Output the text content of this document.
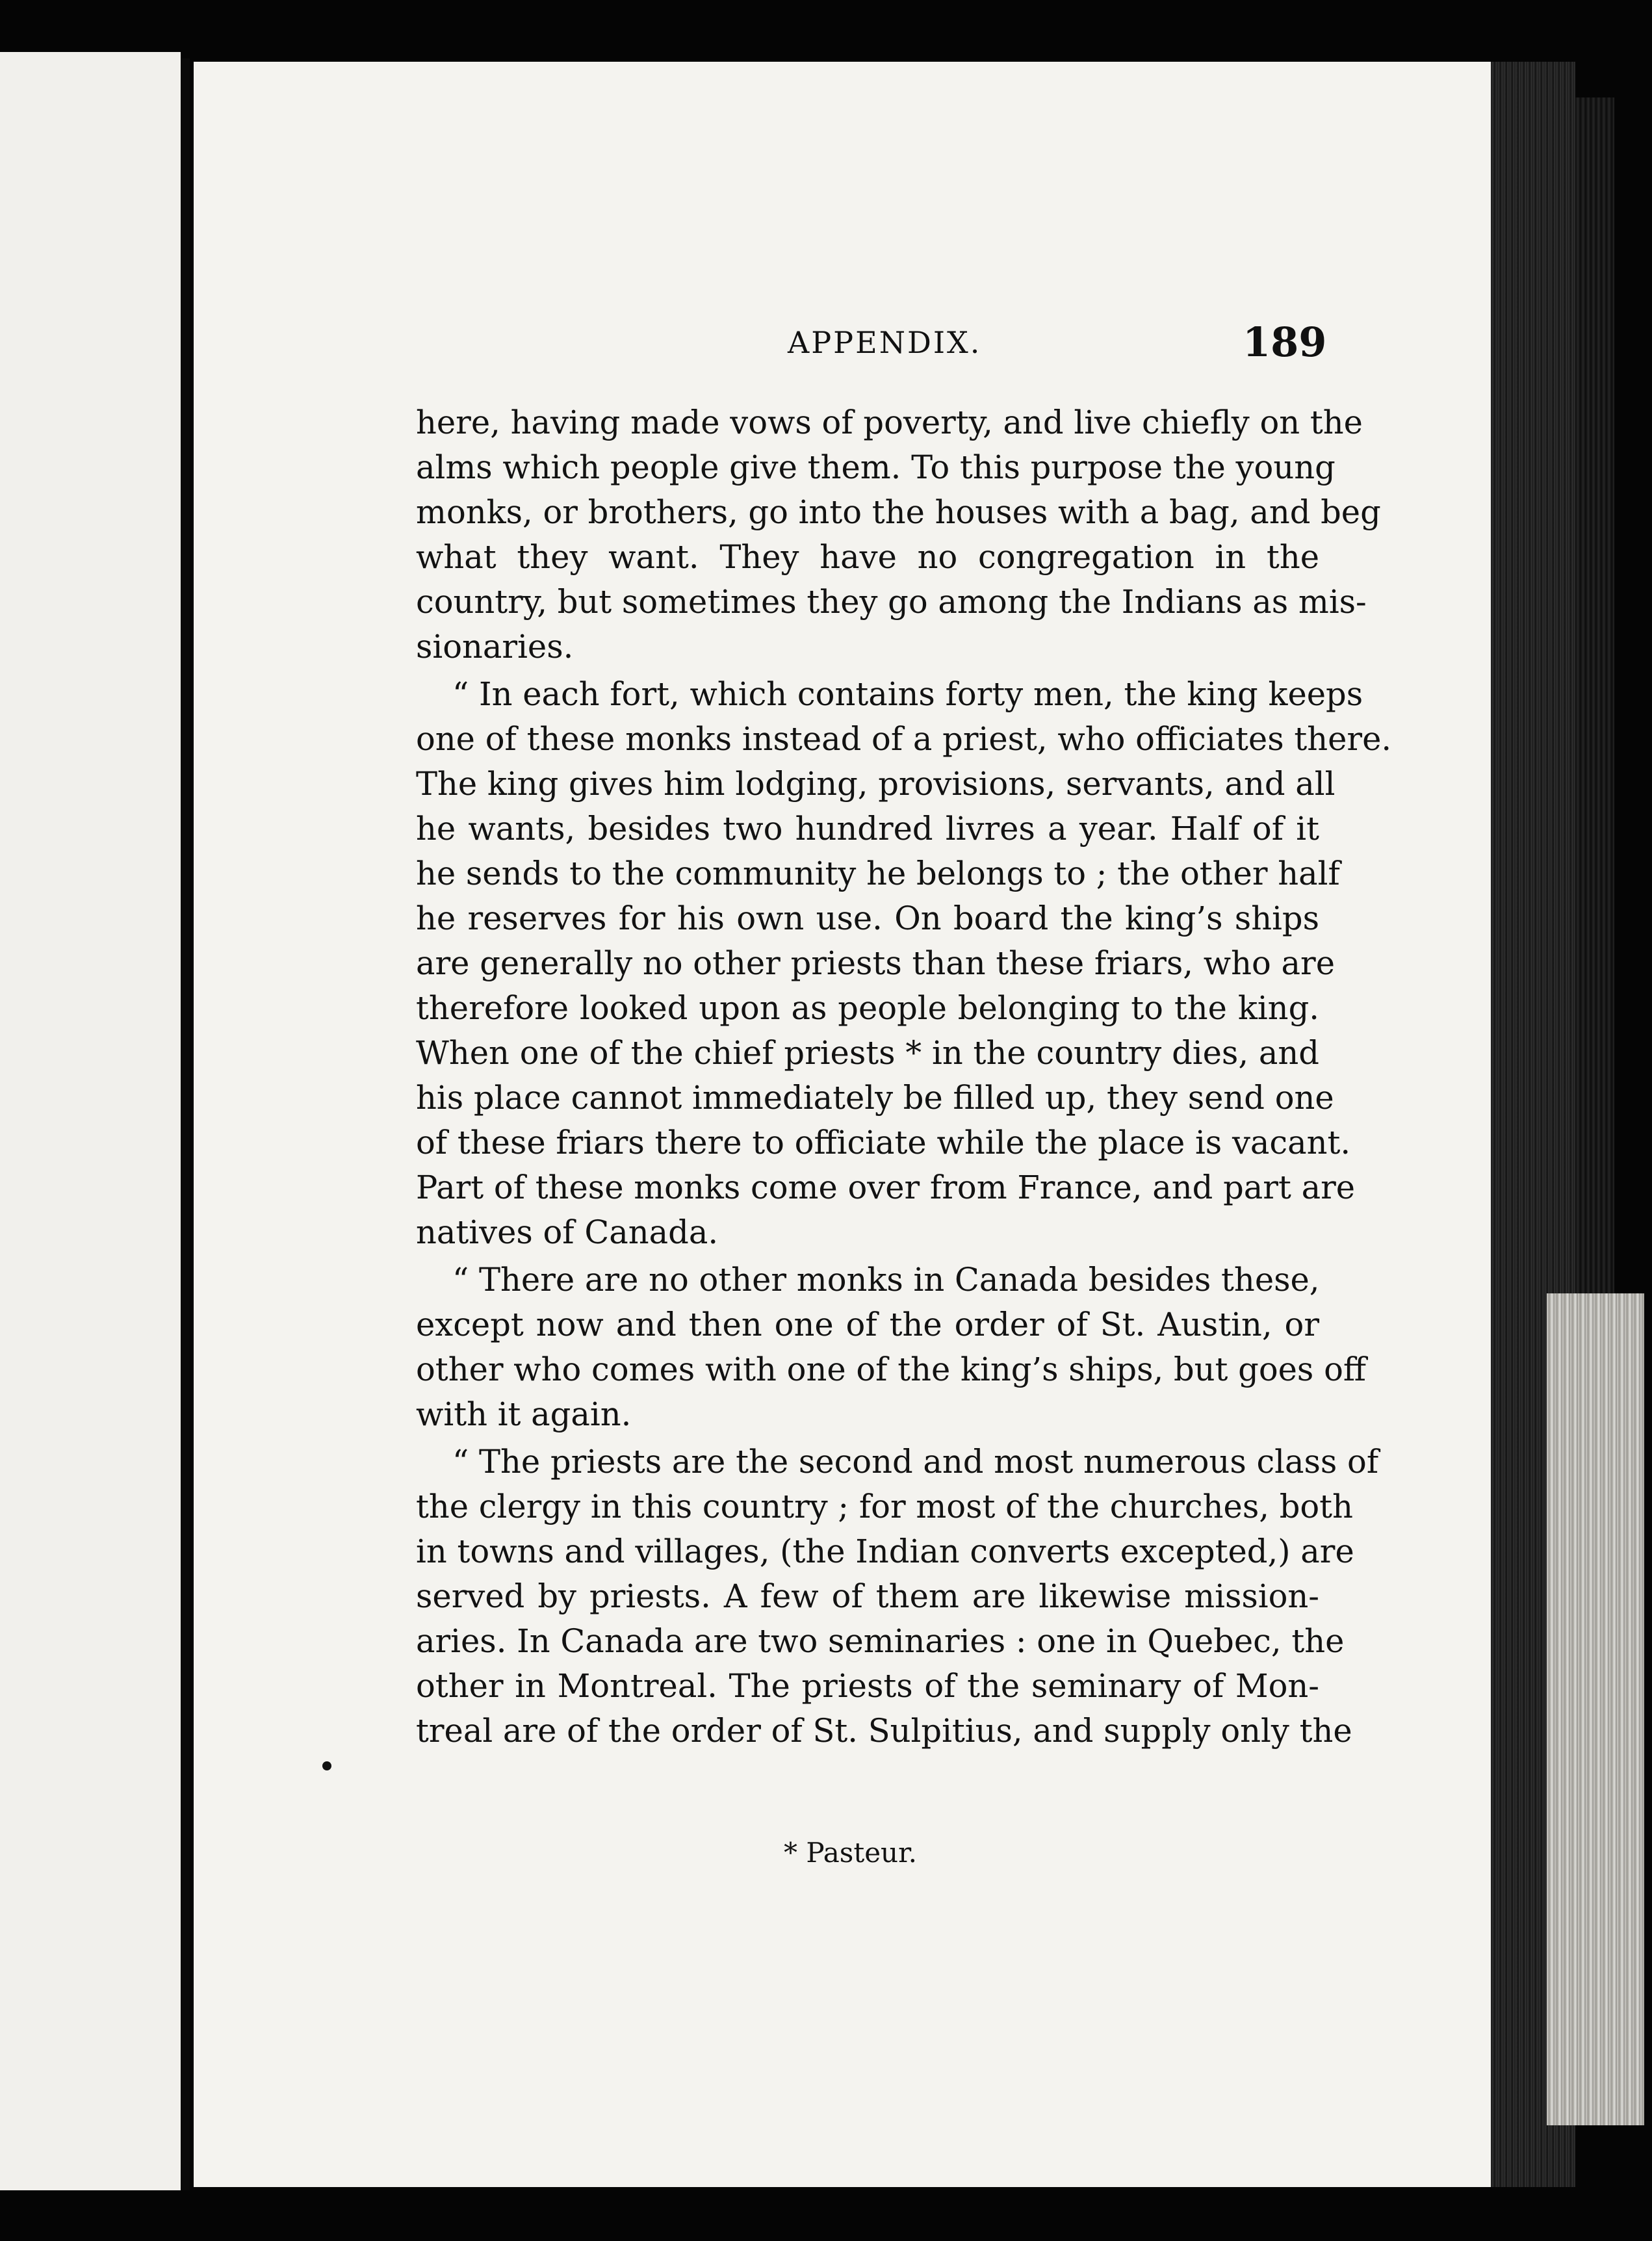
APPENDIX.	189
here, having made vows of poverty, and live chiefly on the
alms which people give them. To this purpose the young
monks, or brothers, go into the houses with a bag, and beg
what they want. They have no congregation in the
country, but sometimes they go among the Indians as mis-
sionaries.
“ In each fort, which contains forty men, the king keeps
one of these monks instead of a priest, who officiates there.
The king gives him lodging, provisions, servants, and all
he wants, besides two hundred livres a year. Half of it
he sends to the community he belongs to ; the other half
he reserves for his own use. On board the king’s ships
are generally no other priests than these friars, who are
therefore looked upon as people belonging to the king.
When one of the chief priests * in the country dies, and
his place cannot immediately be filled up, they send one
of these friars there to officiate while the place is vacant.
Part of these monks come over from France, and part are
natives of Canada.
“ There are no other monks in Canada besides these,
except now and then one of the order of St. Austin, or
other who comes with one of the king’s ships, but goes off
with it again.
“ The priests are the second and most numerous class of
the clergy in this country ; for most of the churches, both
in towns and villages, (the Indian converts excepted,) are
served by priests. A few of them are likewise mission-
aries. In Canada are two seminaries : one in Quebec, the
other in Montreal. The priests of the seminary of Mon-
treal are of the order of St. Sulpitius, and supply only the
* Pasteur.
